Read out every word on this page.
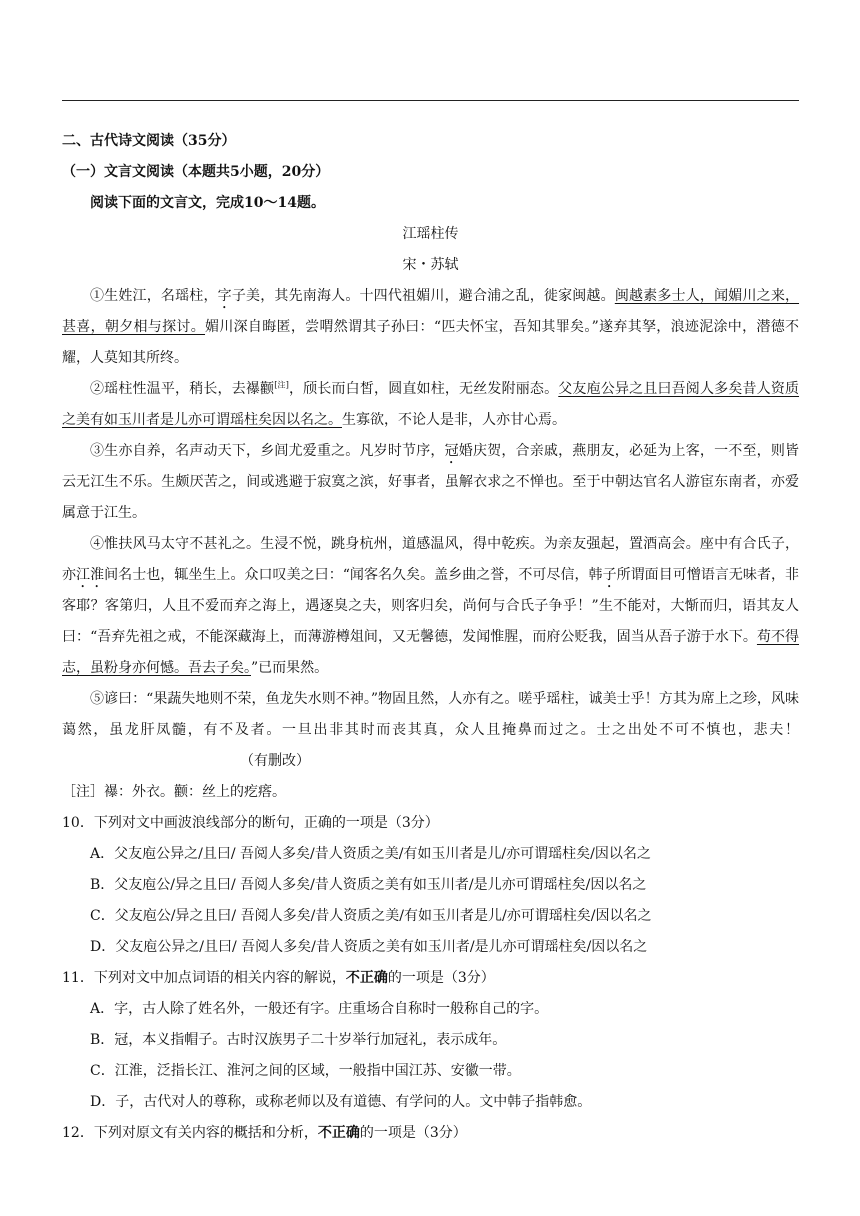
二、古代诗文阅读（35分）
（一）文言文阅读（本题共5小题，20分）
阅读下面的文言文，完成10～14题。
江瑶柱传
宋・苏轼
①生姓江，名瑶柱，字子美，其先南海人。十四代祖媚川，避合浦之乱，徙家闽越。闽越素多士人，闻媚川之来，甚喜，朝夕相与探讨。媚川深自晦匿，尝喟然谓其子孙曰：“匹夫怀宝，吾知其罪矣。”遂弃其孥，浪迹泥涂中，潜德不耀，人莫知其所终。
②瑶柱性温平，稍长，去襮颧[注]，颀长而白皙，圆直如柱，无丝发附丽态。父友庖公异之且曰吾阅人多矣昔人资质之美有如玉川者是儿亦可谓瑶柱矣因以名之。生寡欲，不论人是非，人亦甘心焉。
③生亦自养，名声动天下，乡闾尤爱重之。凡岁时节序，冠婚庆贺，合亲戚，燕朋友，必延为上客，一不至，则皆云无江生不乐。生颇厌苦之，间或逃避于寂寞之滨，好事者，虽解衣求之不惮也。至于中朝达官名人游宦东南者，亦爱属意于江生。
④惟扶风马太守不甚礼之。生浸不悦，跳身杭州，道感温风，得中乾疾。为亲友强起，置酒高会。座中有合氏子，亦江淮间名士也，辄坐生上。众口叹美之曰：“闻客名久矣。盖乡曲之誉，不可尽信，韩子所谓面目可憎语言无味者，非客耶？客第归，人且不爱而弃之海上，遇逐臭之夫，则客归矣，尚何与合氏子争乎！”生不能对，大惭而归，语其友人曰：“吾弃先祖之戒，不能深藏海上，而薄游樽俎间，又无馨德，发闻惟腥，而府公贬我，固当从吾子游于水下。苟不得志，虽粉身亦何憾。吾去子矣。”已而果然。
⑤谚曰：“果蔬失地则不荣，鱼龙失水则不神。”物固且然，人亦有之。嗟乎瑶柱，诚美士乎！方其为席上之珍，风味蔼然，虽龙肝凤髓，有不及者。一旦出非其时而丧其真，众人且掩鼻而过之。士之出处不可不慎也，悲夫！（有删改）
［注］襮：外衣。颧：丝上的疙瘩。
10．下列对文中画波浪线部分的断句，正确的一项是（3分）
A．父友庖公异之/且曰/ 吾阅人多矣/昔人资质之美/有如玉川者是儿/亦可谓瑶柱矣/因以名之
B．父友庖公/异之且曰/ 吾阅人多矣/昔人资质之美有如玉川者/是儿亦可谓瑶柱矣/因以名之
C．父友庖公/异之且曰/ 吾阅人多矣/昔人资质之美/有如玉川者是儿/亦可谓瑶柱矣/因以名之
D．父友庖公异之/且曰/ 吾阅人多矣/昔人资质之美有如玉川者/是儿亦可谓瑶柱矣/因以名之
11．下列对文中加点词语的相关内容的解说，不正确的一项是（3分）
A．字，古人除了姓名外，一般还有字。庄重场合自称时一般称自己的字。
B．冠，本义指帽子。古时汉族男子二十岁举行加冠礼，表示成年。
C．江淮，泛指长江、淮河之间的区域，一般指中国江苏、安徽一带。
D．子，古代对人的尊称，或称老师以及有道德、有学问的人。文中韩子指韩愈。
12．下列对原文有关内容的概括和分析，不正确的一项是（3分）
